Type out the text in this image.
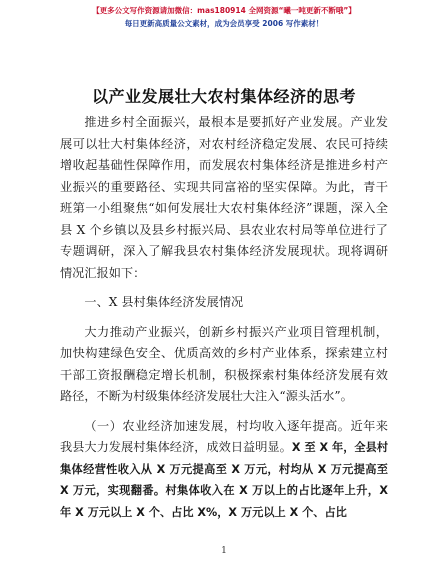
【更多公文写作资源请加微信：mas180914 全网资源“曦一吨更新不断哦”】
每日更新高质量公文素材，成为会员享受 2006 写作素材！
以产业发展壮大农村集体经济的思考

推进乡村全面振兴，最根本是要抓好产业发展。产业发展可以壮大村集体经济，对农村经济稳定发展、农民可持续增收起基础性保障作用，而发展农村集体经济是推进乡村产业振兴的重要路径、实现共同富裕的坚实保障。为此，青干班第一小组聚焦“如何发展壮大农村集体经济”课题，深入全县 X 个乡镇以及县乡村振兴局、县农业农村局等单位进行了专题调研，深入了解我县农村集体经济发展现状。现将调研情况汇报如下：

一、X 县村集体经济发展情况

大力推动产业振兴，创新乡村振兴产业项目管理机制，加快构建绿色安全、优质高效的乡村产业体系，探索建立村干部工资报酬稳定增长机制，积极探索村集体经济发展有效路径，不断为村级集体经济发展壮大注入“源头活水”。

（一）农业经济加速发展，村均收入逐年提高。近年来我县大力发展村集体经济，成效日益明显。X 至 X 年，全县村集体经营性收入从 X 万元提高至 X 万元，村均从 X 万元提高至 X 万元，实现翻番。村集体收入在 X 万以上的占比逐年上升，X 年 X 万元以上 X 个、占比 X%，X 万元以上 X 个、占比

1
